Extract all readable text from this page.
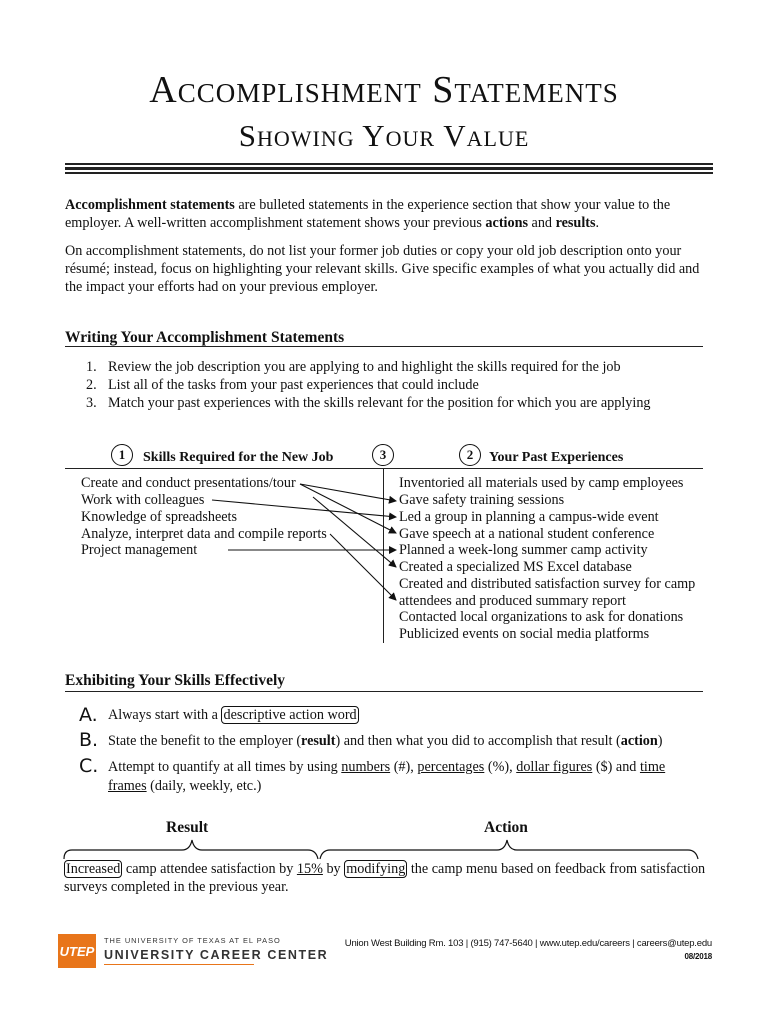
Accomplishment Statements
Showing Your Value
Accomplishment statements are bulleted statements in the experience section that show your value to the employer. A well-written accomplishment statement shows your previous actions and results.
On accomplishment statements, do not list your former job duties or copy your old job description onto your résumé; instead, focus on highlighting your relevant skills. Give specific examples of what you actually did and the impact your efforts had on your previous employer.
Writing Your Accomplishment Statements
1. Review the job description you are applying to and highlight the skills required for the job
2. List all of the tasks from your past experiences that could include
3. Match your past experiences with the skills relevant for the position for which you are applying
1	Skills Required for the New Job	3	2	Your Past Experiences
Create and conduct presentations/tour
Work with colleagues
Knowledge of spreadsheets
Analyze, interpret data and compile reports
Project management
Inventoried all materials used by camp employees
Gave safety training sessions
Led a group in planning a campus-wide event
Gave speech at a national student conference
Planned a week-long summer camp activity
Created a specialized MS Excel database
Created and distributed satisfaction survey for camp
attendees and produced summary report
Contacted local organizations to ask for donations
Publicized events on social media platforms
Exhibiting Your Skills Effectively
A. Always start with a descriptive action word
B. State the benefit to the employer (result) and then what you did to accomplish that result (action)
C. Attempt to quantify at all times by using numbers (#), percentages (%), dollar figures ($) and time
frames (daily, weekly, etc.)
Result	Action
Increased camp attendee satisfaction by 15% by modifying the camp menu based on feedback from satisfaction
surveys completed in the previous year.
UTEP
THE UNIVERSITY OF TEXAS AT EL PASO
UNIVERSITY CAREER CENTER
Union West Building Rm. 103 | (915) 747-5640 | www.utep.edu/careers | careers@utep.edu
08/2018
